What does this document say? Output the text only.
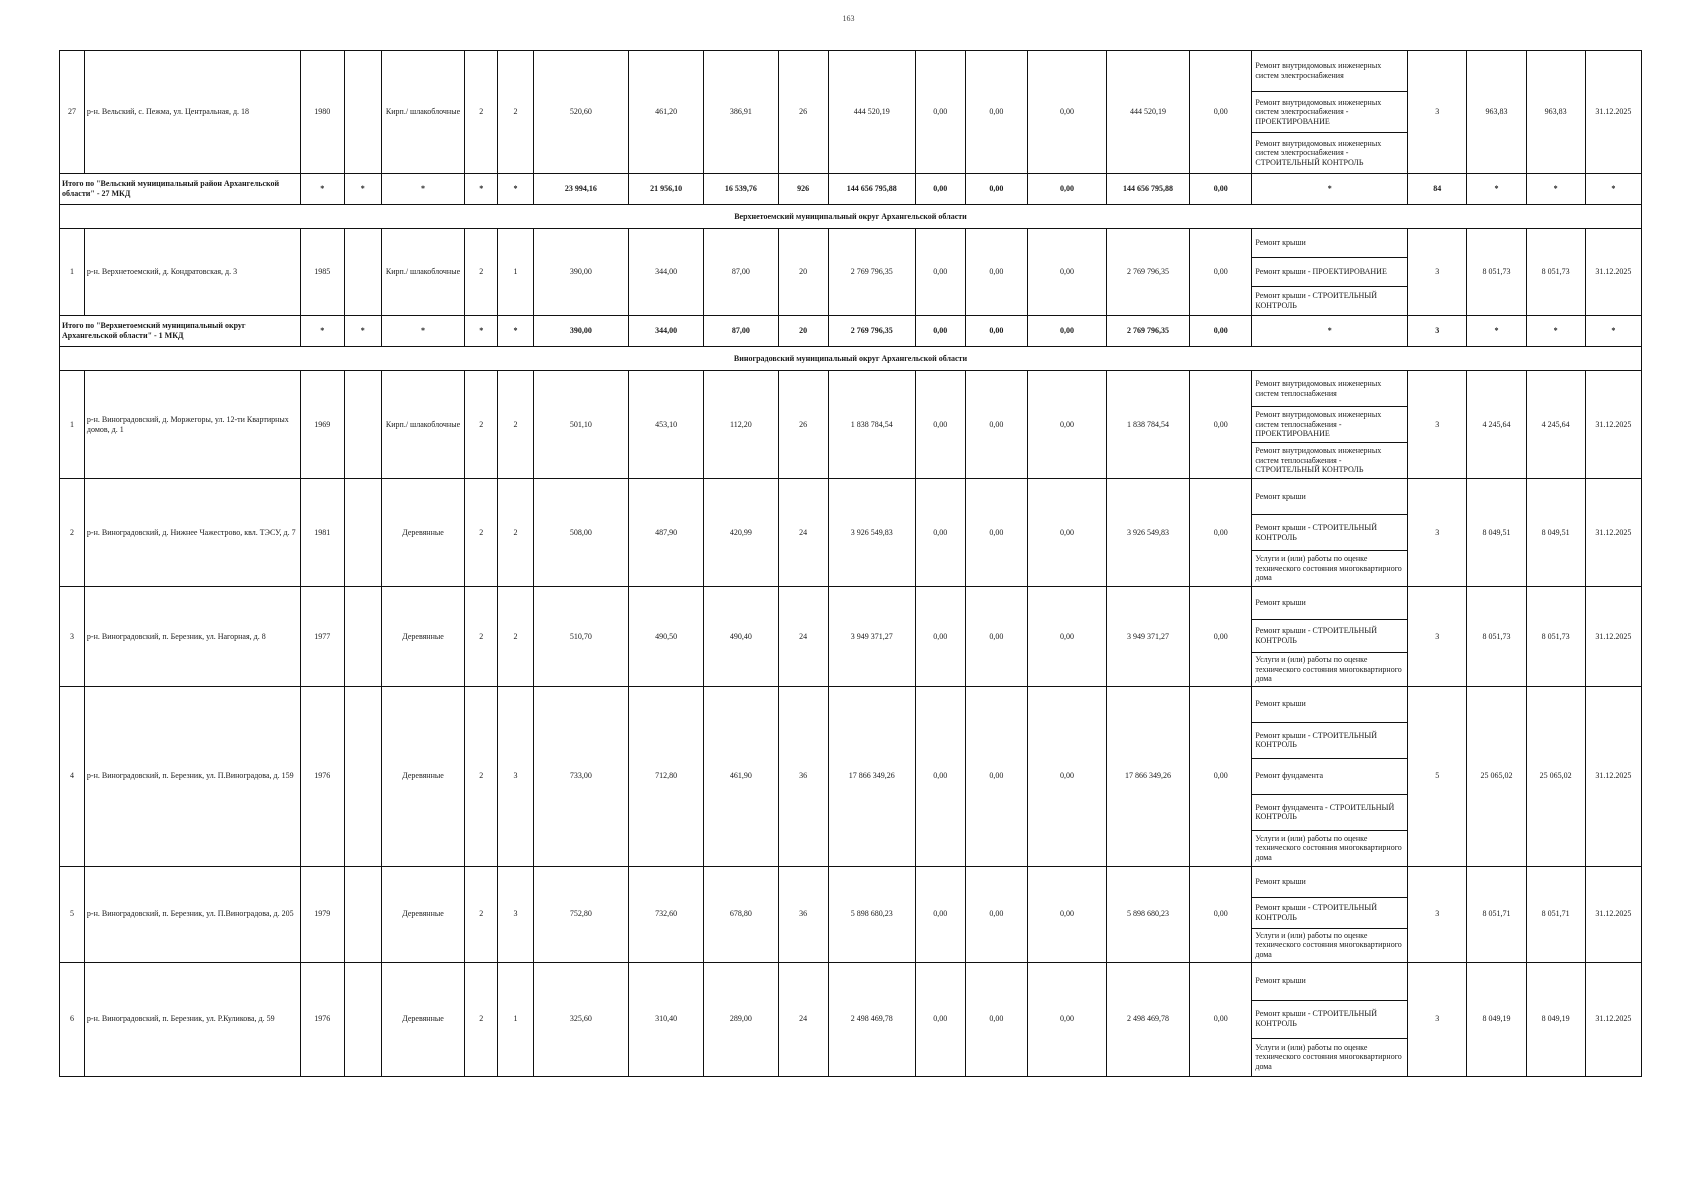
163
27	р-н. Вельский, с. Пежма, ул. Центральная, д. 18	1980		Кирп./ шлакоблочные	2	2	520,60	461,20	386,91	26	444 520,19	0,00	0,00	0,00	444 520,19	0,00	Ремонт внутридомовых инженерных систем электроснабжения	3	963,83	963,83	31.12.2025
																	Ремонт внутридомовых инженерных систем электроснабжения - ПРОЕКТИРОВАНИЕ				
																	Ремонт внутридомовых инженерных систем электроснабжения - СТРОИТЕЛЬНЫЙ КОНТРОЛЬ				
Итого по "Вельский муниципальный район Архангельской области" - 27 МКД		*	*	*	*	*	23 994,16	21 956,10	16 539,76	926	144 656 795,88	0,00	0,00	0,00	144 656 795,88	0,00	*	84	*	*	*
Верхнетоемский муниципальный округ Архангельской области																					
1	р-н. Верхнетоемский, д. Кондратовская, д. 3	1985		Кирп./ шлакоблочные	2	1	390,00	344,00	87,00	20	2 769 796,35	0,00	0,00	0,00	2 769 796,35	0,00	Ремонт крыши	3	8 051,73	8 051,73	31.12.2025
																	Ремонт крыши - ПРОЕКТИРОВАНИЕ				
																	Ремонт крыши - СТРОИТЕЛЬНЫЙ КОНТРОЛЬ				
Итого по "Верхнетоемский муниципальный округ Архангельской области" - 1 МКД		*	*	*	*	*	390,00	344,00	87,00	20	2 769 796,35	0,00	0,00	0,00	2 769 796,35	0,00	*	3	*	*	*
Виноградовский муниципальный округ Архангельской области																					
1	р-н. Виноградовский, д. Моржегоры, ул. 12-ти Квартирных домов, д. 1	1969		Кирп./ шлакоблочные	2	2	501,10	453,10	112,20	26	1 838 784,54	0,00	0,00	0,00	1 838 784,54	0,00	Ремонт внутридомовых инженерных систем теплоснабжения	3	4 245,64	4 245,64	31.12.2025
																	Ремонт внутридомовых инженерных систем теплоснабжения - ПРОЕКТИРОВАНИЕ				
																	Ремонт внутридомовых инженерных систем теплоснабжения - СТРОИТЕЛЬНЫЙ КОНТРОЛЬ				
2	р-н. Виноградовский, д. Нижнее Чажестрово, квл. ТЭСУ, д. 7	1981		Деревянные	2	2	508,00	487,90	420,99	24	3 926 549,83	0,00	0,00	0,00	3 926 549,83	0,00	Ремонт крыши	3	8 049,51	8 049,51	31.12.2025
																	Ремонт крыши - СТРОИТЕЛЬНЫЙ КОНТРОЛЬ				
																	Услуги и (или) работы по оценке технического состояния многоквартирного дома				
3	р-н. Виноградовский, п. Березник, ул. Нагорная, д. 8	1977		Деревянные	2	2	510,70	490,50	490,40	24	3 949 371,27	0,00	0,00	0,00	3 949 371,27	0,00	Ремонт крыши	3	8 051,73	8 051,73	31.12.2025
																	Ремонт крыши - СТРОИТЕЛЬНЫЙ КОНТРОЛЬ				
																	Услуги и (или) работы по оценке технического состояния многоквартирного дома				
4	р-н. Виноградовский, п. Березник, ул. П.Виноградова, д. 159	1976		Деревянные	2	3	733,00	712,80	461,90	36	17 866 349,26	0,00	0,00	0,00	17 866 349,26	0,00	Ремонт крыши	5	25 065,02	25 065,02	31.12.2025
																	Ремонт крыши - СТРОИТЕЛЬНЫЙ КОНТРОЛЬ				
																	Ремонт фундамента				
																	Ремонт фундамента - СТРОИТЕЛЬНЫЙ КОНТРОЛЬ				
																	Услуги и (или) работы по оценке технического состояния многоквартирного дома				
5	р-н. Виноградовский, п. Березник, ул. П.Виноградова, д. 205	1979		Деревянные	2	3	752,80	732,60	678,80	36	5 898 680,23	0,00	0,00	0,00	5 898 680,23	0,00	Ремонт крыши	3	8 051,71	8 051,71	31.12.2025
																	Ремонт крыши - СТРОИТЕЛЬНЫЙ КОНТРОЛЬ				
																	Услуги и (или) работы по оценке технического состояния многоквартирного дома				
6	р-н. Виноградовский, п. Березник, ул. Р.Куликова, д. 59	1976		Деревянные	2	1	325,60	310,40	289,00	24	2 498 469,78	0,00	0,00	0,00	2 498 469,78	0,00	Ремонт крыши	3	8 049,19	8 049,19	31.12.2025
																	Ремонт крыши - СТРОИТЕЛЬНЫЙ КОНТРОЛЬ				
																	Услуги и (или) работы по оценке технического состояния многоквартирного дома				
